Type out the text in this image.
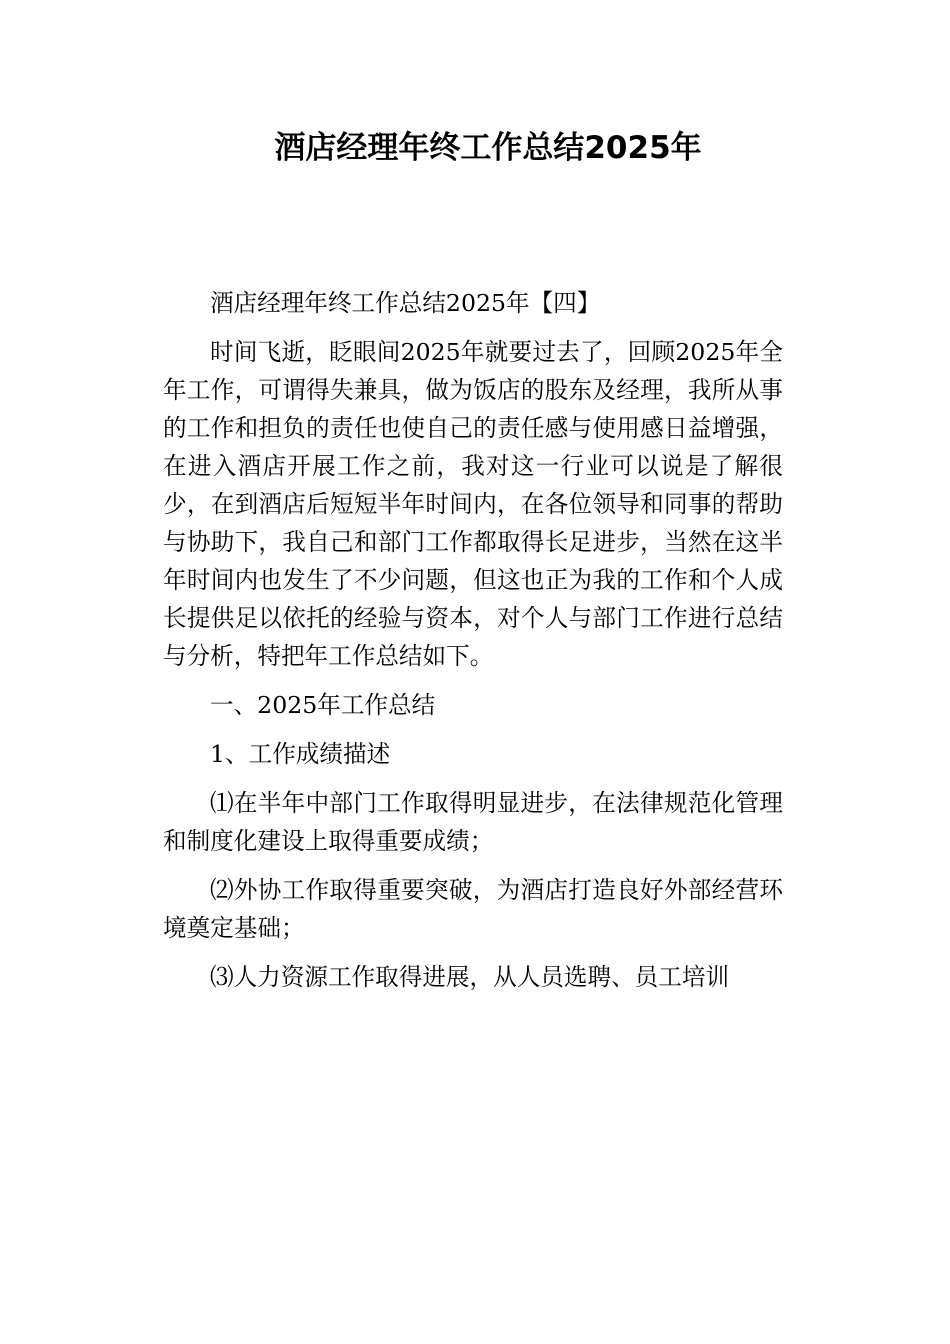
酒店经理年终工作总结2025年

酒店经理年终工作总结2025年【四】

时间飞逝，眨眼间2025年就要过去了，回顾2025年全年工作，可谓得失兼具，做为饭店的股东及经理，我所从事的工作和担负的责任也使自己的责任感与使用感日益增强，在进入酒店开展工作之前，我对这一行业可以说是了解很少，在到酒店后短短半年时间内，在各位领导和同事的帮助与协助下，我自己和部门工作都取得长足进步，当然在这半年时间内也发生了不少问题，但这也正为我的工作和个人成长提供足以依托的经验与资本，对个人与部门工作进行总结与分析，特把年工作总结如下。

一、2025年工作总结

1、工作成绩描述

⑴在半年中部门工作取得明显进步，在法律规范化管理和制度化建设上取得重要成绩；

⑵外协工作取得重要突破，为酒店打造良好外部经营环境奠定基础；

⑶人力资源工作取得进展，从人员选聘、员工培训
